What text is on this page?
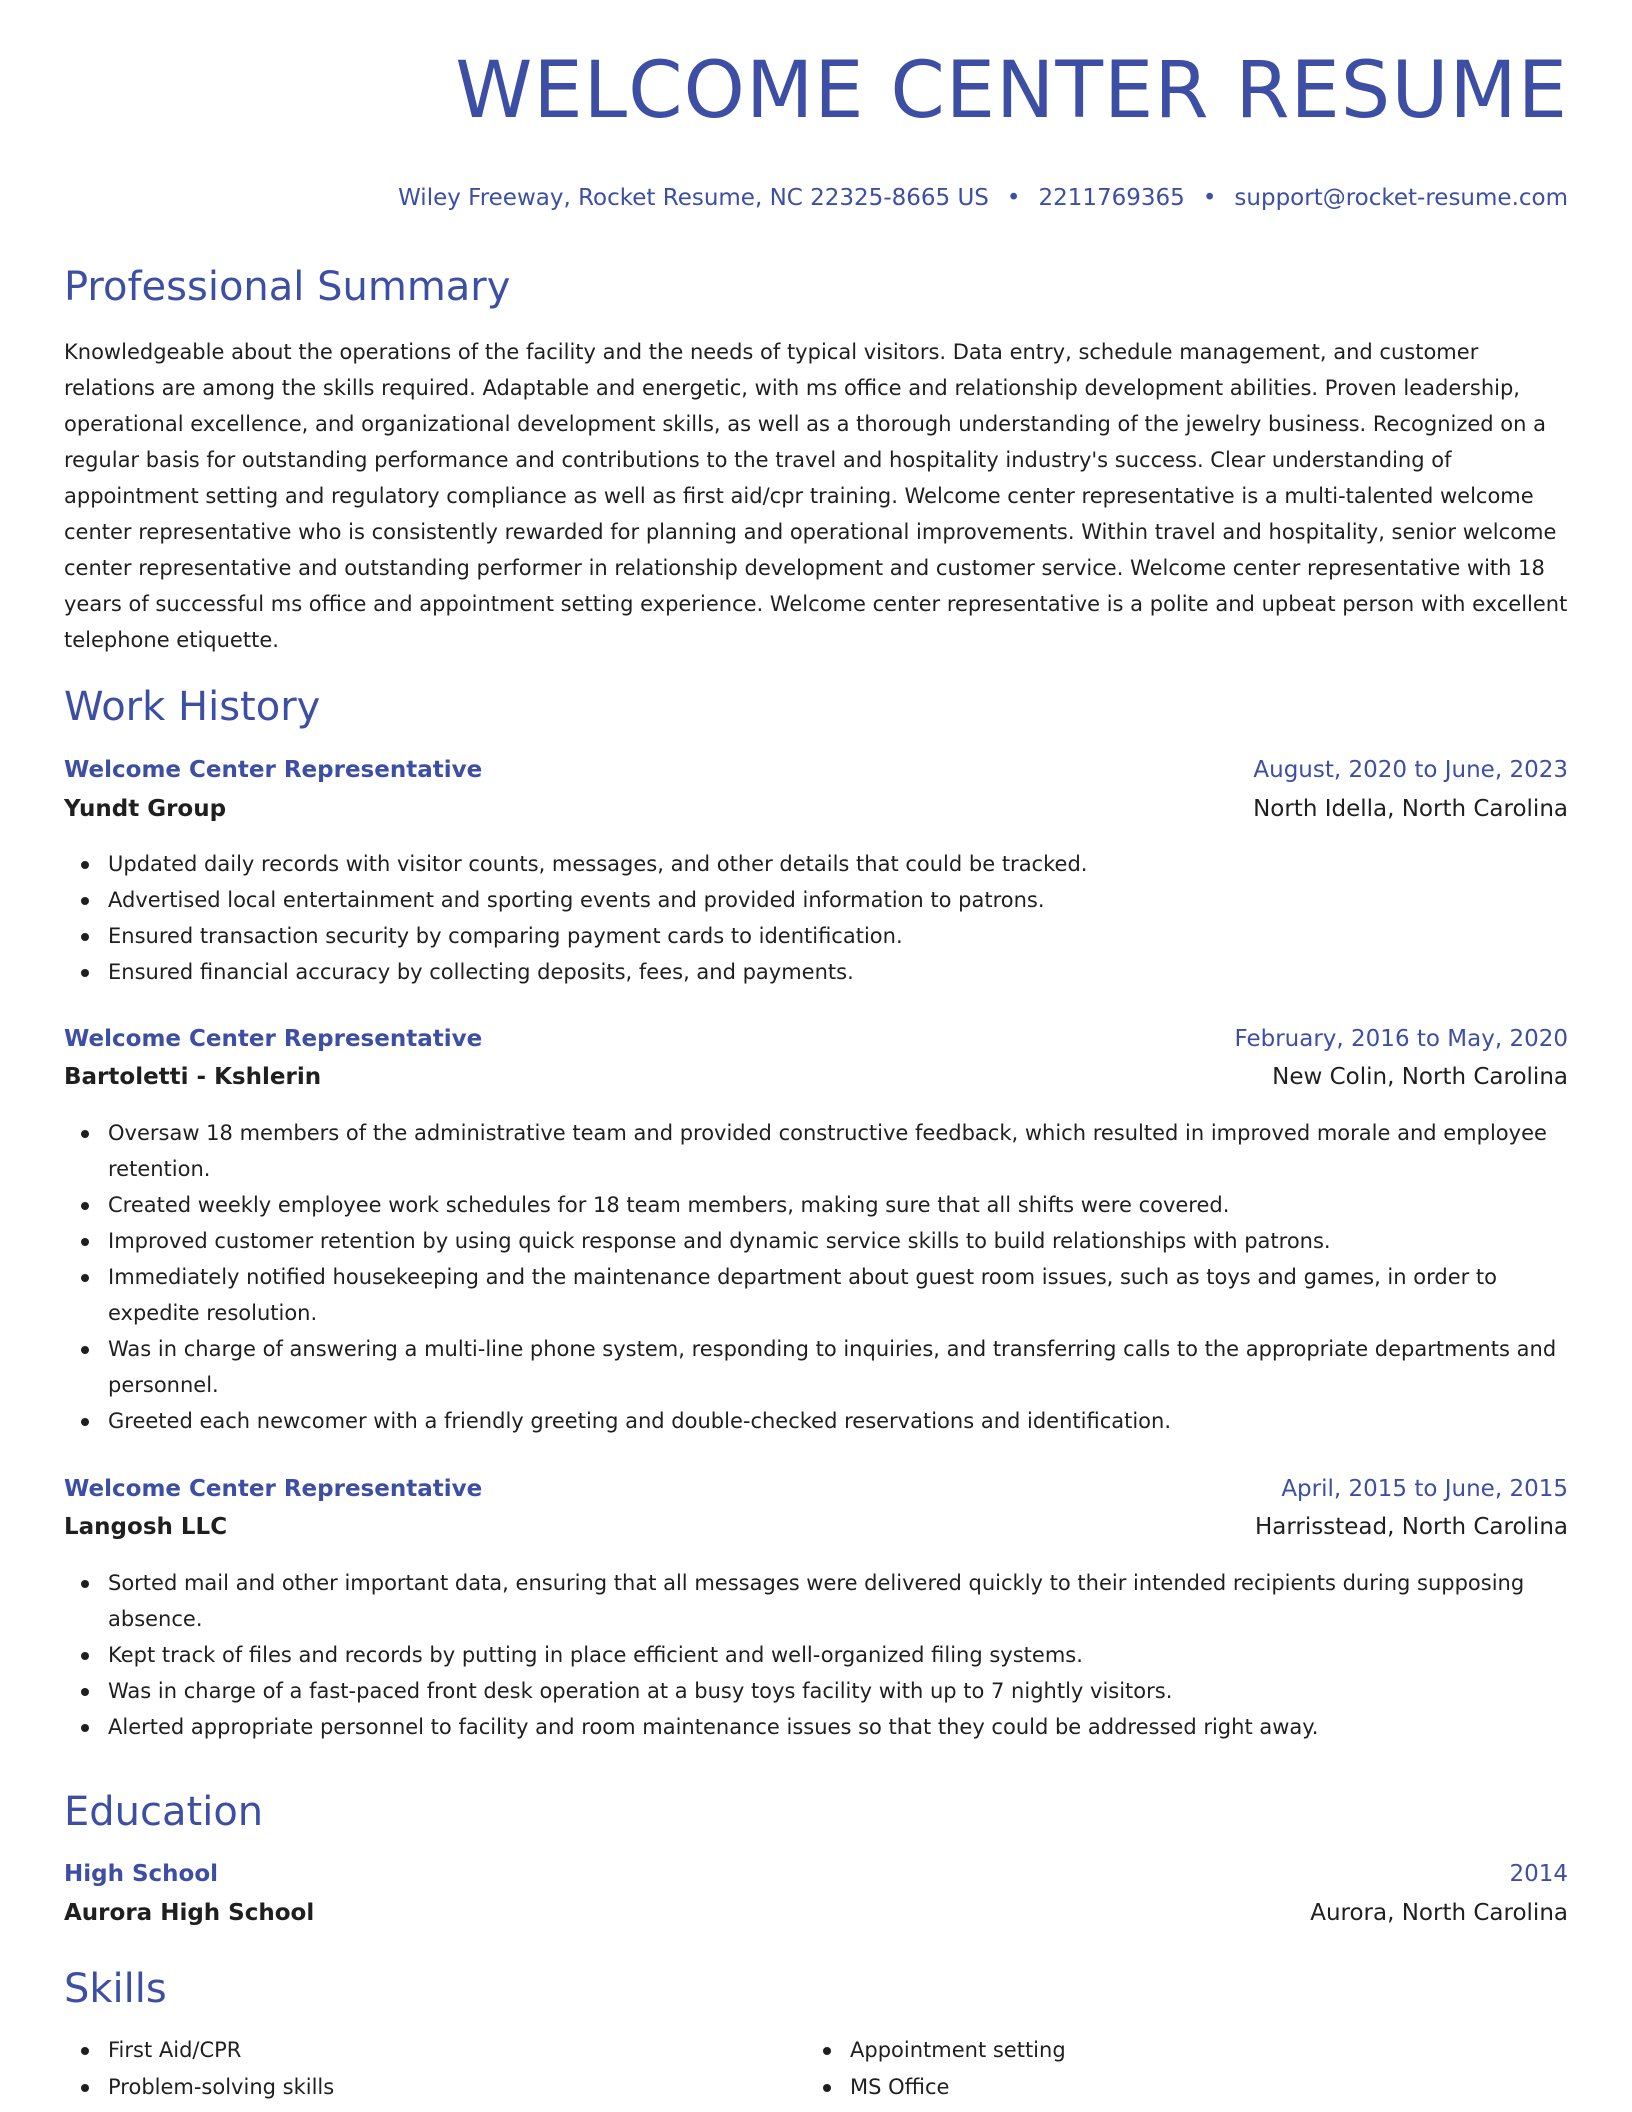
WELCOME CENTER RESUME
Wiley Freeway, Rocket Resume, NC 22325-8665 US • 2211769365 • support@rocket-resume.com
Professional Summary

Knowledgeable about the operations of the facility and the needs of typical visitors. Data entry, schedule management, and customer relations are among the skills required. Adaptable and energetic, with ms office and relationship development abilities. Proven leadership, operational excellence, and organizational development skills, as well as a thorough understanding of the jewelry business. Recognized on a regular basis for outstanding performance and contributions to the travel and hospitality industry's success. Clear understanding of appointment setting and regulatory compliance as well as first aid/cpr training. Welcome center representative is a multi-talented welcome center representative who is consistently rewarded for planning and operational improvements. Within travel and hospitality, senior welcome center representative and outstanding performer in relationship development and customer service. Welcome center representative with 18 years of successful ms office and appointment setting experience. Welcome center representative is a polite and upbeat person with excellent telephone etiquette.

Work History
Welcome Center Representative	August, 2020 to June, 2023
Yundt Group	North Idella, North Carolina
Updated daily records with visitor counts, messages, and other details that could be tracked.
Advertised local entertainment and sporting events and provided information to patrons.
Ensured transaction security by comparing payment cards to identification.
Ensured financial accuracy by collecting deposits, fees, and payments.
Welcome Center Representative	February, 2016 to May, 2020
Bartoletti - Kshlerin	New Colin, North Carolina
Oversaw 18 members of the administrative team and provided constructive feedback, which resulted in improved morale and employee retention.
Created weekly employee work schedules for 18 team members, making sure that all shifts were covered.
Improved customer retention by using quick response and dynamic service skills to build relationships with patrons.
Immediately notified housekeeping and the maintenance department about guest room issues, such as toys and games, in order to expedite resolution.
Was in charge of answering a multi-line phone system, responding to inquiries, and transferring calls to the appropriate departments and personnel.
Greeted each newcomer with a friendly greeting and double-checked reservations and identification.
Welcome Center Representative	April, 2015 to June, 2015
Langosh LLC	Harrisstead, North Carolina
Sorted mail and other important data, ensuring that all messages were delivered quickly to their intended recipients during supposing absence.
Kept track of files and records by putting in place efficient and well-organized filing systems.
Was in charge of a fast-paced front desk operation at a busy toys facility with up to 7 nightly visitors.
Alerted appropriate personnel to facility and room maintenance issues so that they could be addressed right away.
Education
High School	2014
Aurora High School	Aurora, North Carolina
Skills
First Aid/CPR
Problem-solving skills
Appointment setting
MS Office
